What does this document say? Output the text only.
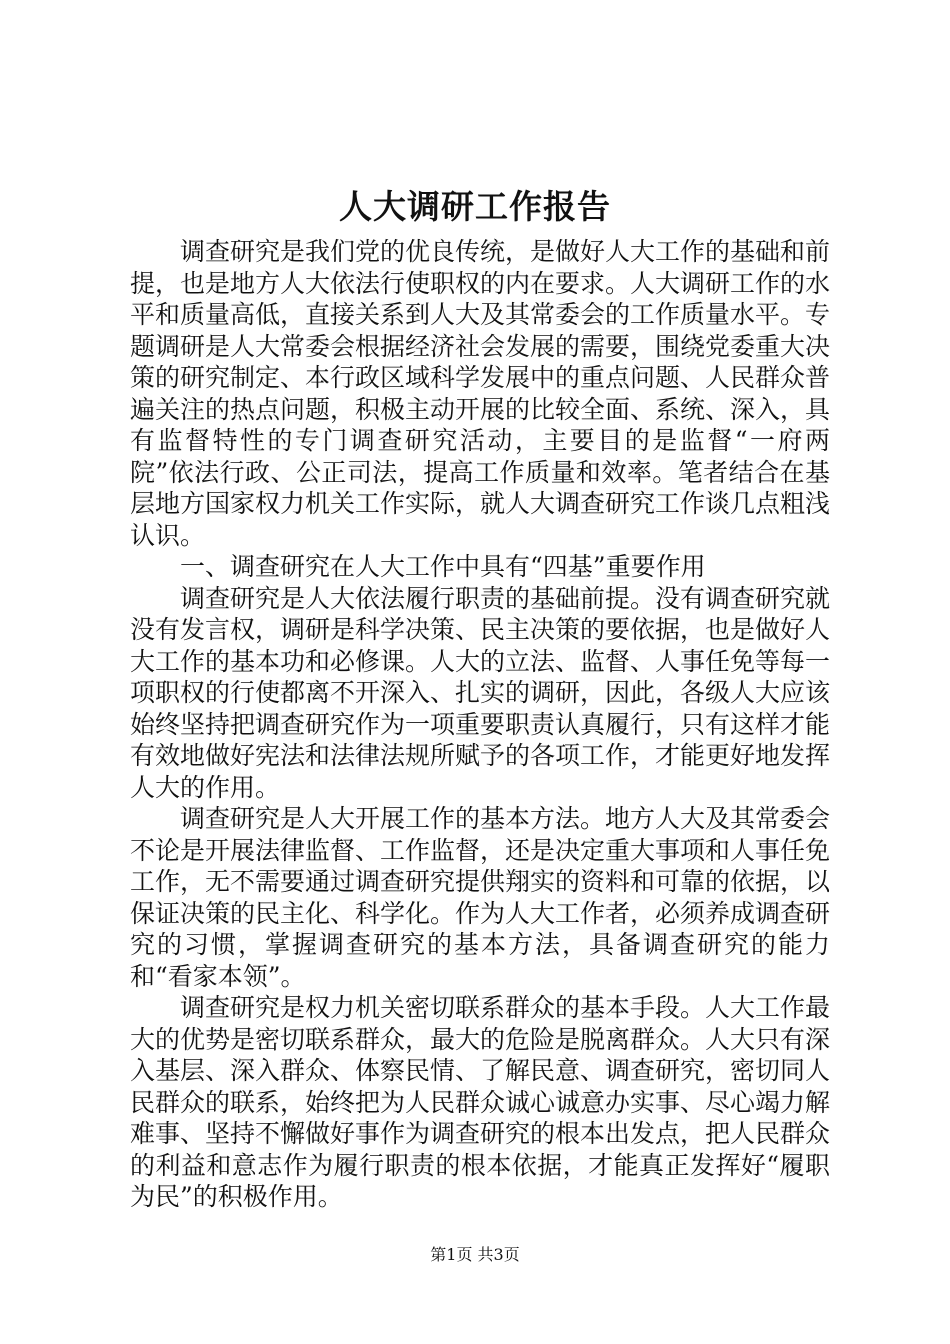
人大调研工作报告

调查研究是我们党的优良传统，是做好人大工作的基础和前提，也是地方人大依法行使职权的内在要求。人大调研工作的水平和质量高低，直接关系到人大及其常委会的工作质量水平。专题调研是人大常委会根据经济社会发展的需要，围绕党委重大决策的研究制定、本行政区域科学发展中的重点问题、人民群众普遍关注的热点问题，积极主动开展的比较全面、系统、深入，具有监督特性的专门调查研究活动，主要目的是监督“一府两院”依法行政、公正司法，提高工作质量和效率。笔者结合在基层地方国家权力机关工作实际，就人大调查研究工作谈几点粗浅认识。

一、调查研究在人大工作中具有“四基”重要作用

调查研究是人大依法履行职责的基础前提。没有调查研究就没有发言权，调研是科学决策、民主决策的要依据，也是做好人大工作的基本功和必修课。人大的立法、监督、人事任免等每一项职权的行使都离不开深入、扎实的调研，因此，各级人大应该始终坚持把调查研究作为一项重要职责认真履行，只有这样才能有效地做好宪法和法律法规所赋予的各项工作，才能更好地发挥人大的作用。

调查研究是人大开展工作的基本方法。地方人大及其常委会不论是开展法律监督、工作监督，还是决定重大事项和人事任免工作，无不需要通过调查研究提供翔实的资料和可靠的依据，以保证决策的民主化、科学化。作为人大工作者，必须养成调查研究的习惯，掌握调查研究的基本方法，具备调查研究的能力和“看家本领”。

调查研究是权力机关密切联系群众的基本手段。人大工作最大的优势是密切联系群众，最大的危险是脱离群众。人大只有深入基层、深入群众、体察民情、了解民意、调查研究，密切同人民群众的联系，始终把为人民群众诚心诚意办实事、尽心竭力解难事、坚持不懈做好事作为调查研究的根本出发点，把人民群众的利益和意志作为履行职责的根本依据，才能真正发挥好“履职为民”的积极作用。

第1页 共3页
